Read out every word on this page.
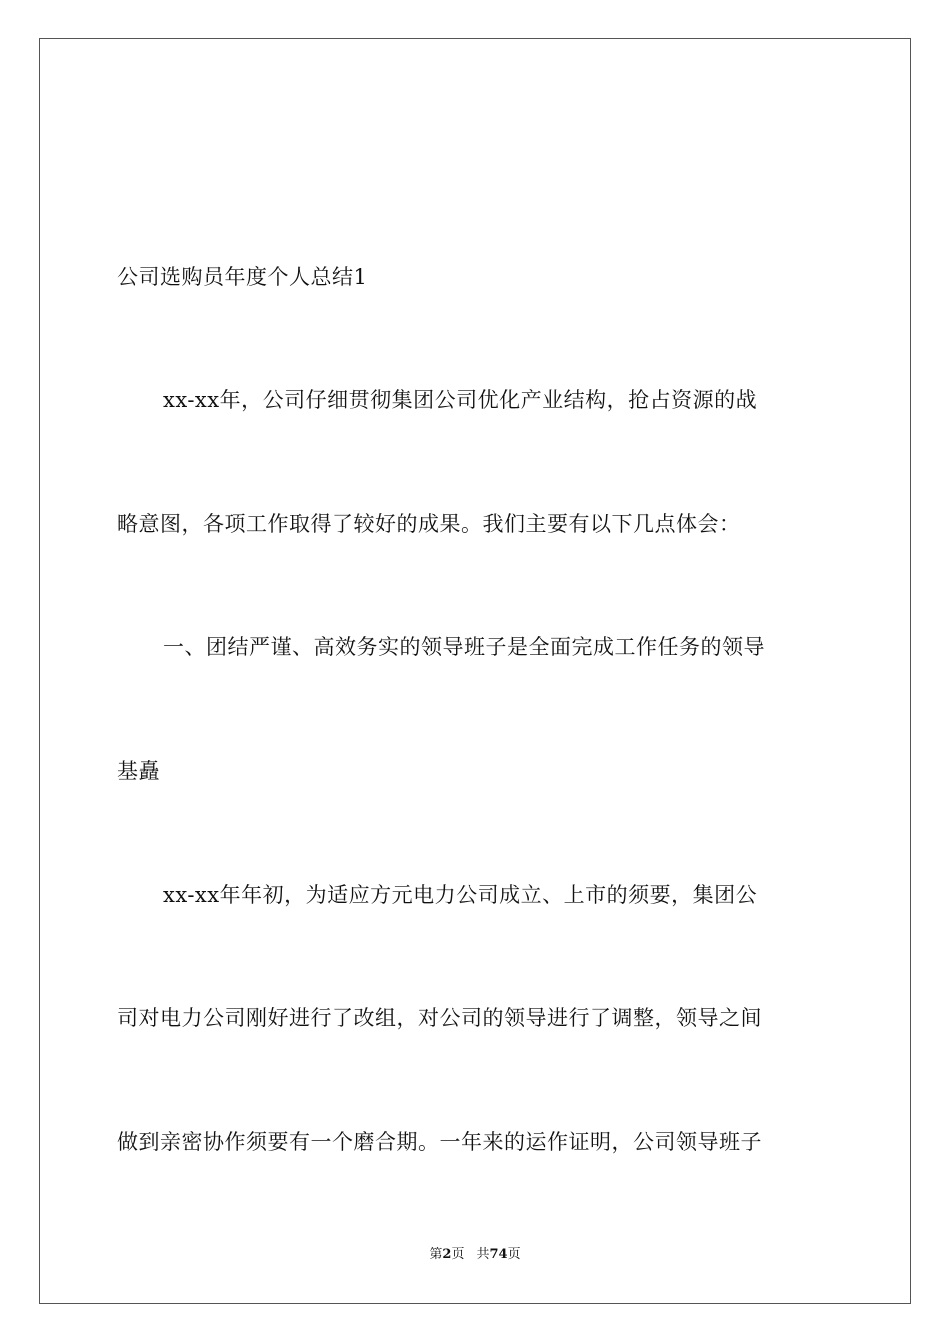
公司选购员年度个人总结1
xx-xx年，公司仔细贯彻集团公司优化产业结构，抢占资源的战
略意图，各项工作取得了较好的成果。我们主要有以下几点体会：
一、团结严谨、高效务实的领导班子是全面完成工作任务的领导
基矗
xx-xx年年初，为适应方元电力公司成立、上市的须要，集团公
司对电力公司刚好进行了改组，对公司的领导进行了调整，领导之间
做到亲密协作须要有一个磨合期。一年来的运作证明，公司领导班子
第2页 共74页
